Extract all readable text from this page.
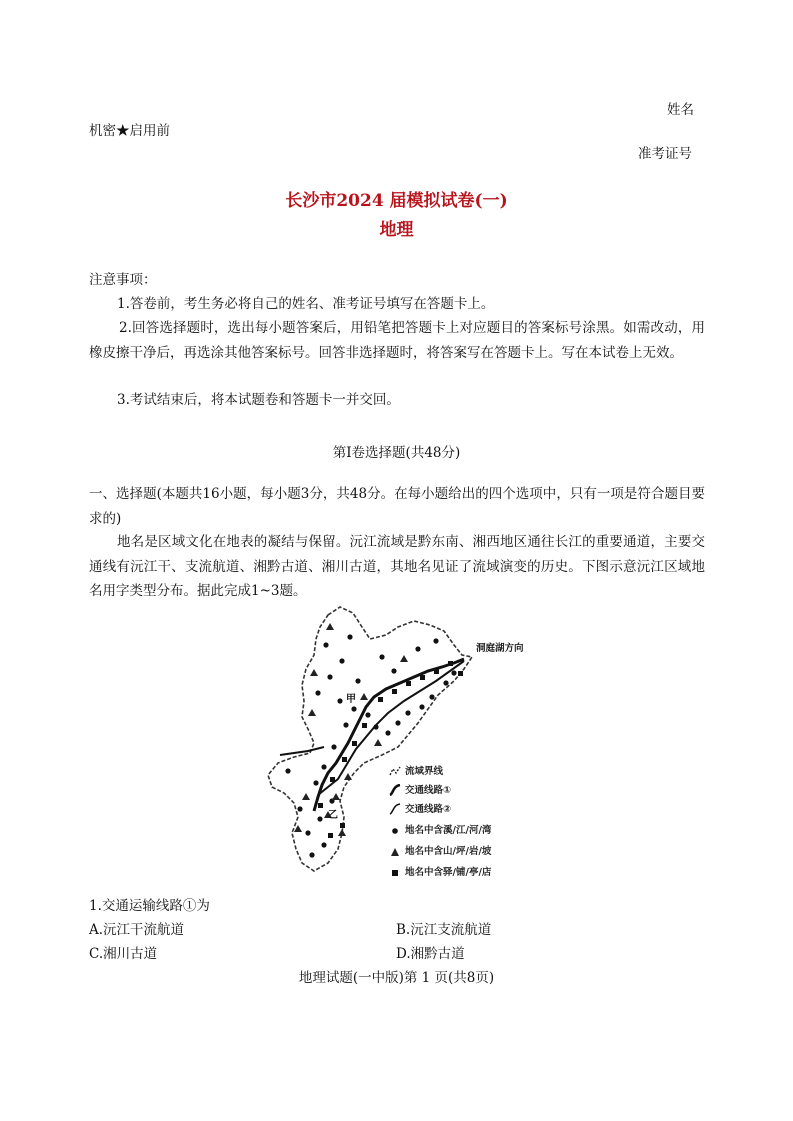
姓名
机密★启用前
准考证号
长沙市2024 届模拟试卷(一)
地理
注意事项：
1.答卷前，考生务必将自己的姓名、准考证号填写在答题卡上。
2.回答选择题时，选出每小题答案后，用铅笔把答题卡上对应题目的答案标号涂黑。如需改动，用橡皮擦干净后，再选涂其他答案标号。回答非选择题时，将答案写在答题卡上。写在本试卷上无效。
3.考试结束后，将本试题卷和答题卡一并交回。
第Ⅰ卷选择题(共48分)
一、选择题(本题共16小题，每小题3分，共48分。在每小题给出的四个选项中，只有一项是符合题目要求的)
地名是区域文化在地表的凝结与保留。沅江流域是黔东南、湘西地区通往长江的重要通道，主要交通线有沅江干、支流航道、湘黔古道、湘川古道，其地名见证了流域演变的历史。下图示意沅江区域地名用字类型分布。据此完成1~3题。
洞庭湖方向
甲
乙
流域界线
交通线路①
交通线路②
地名中含溪/江/河/湾
地名中含山/坪/岩/坡
地名中含驿/铺/亭/店
1.交通运输线路①为
A.沅江干流航道	B.沅江支流航道
C.湘川古道	D.湘黔古道
地理试题(一中版)第 1 页(共8页)
